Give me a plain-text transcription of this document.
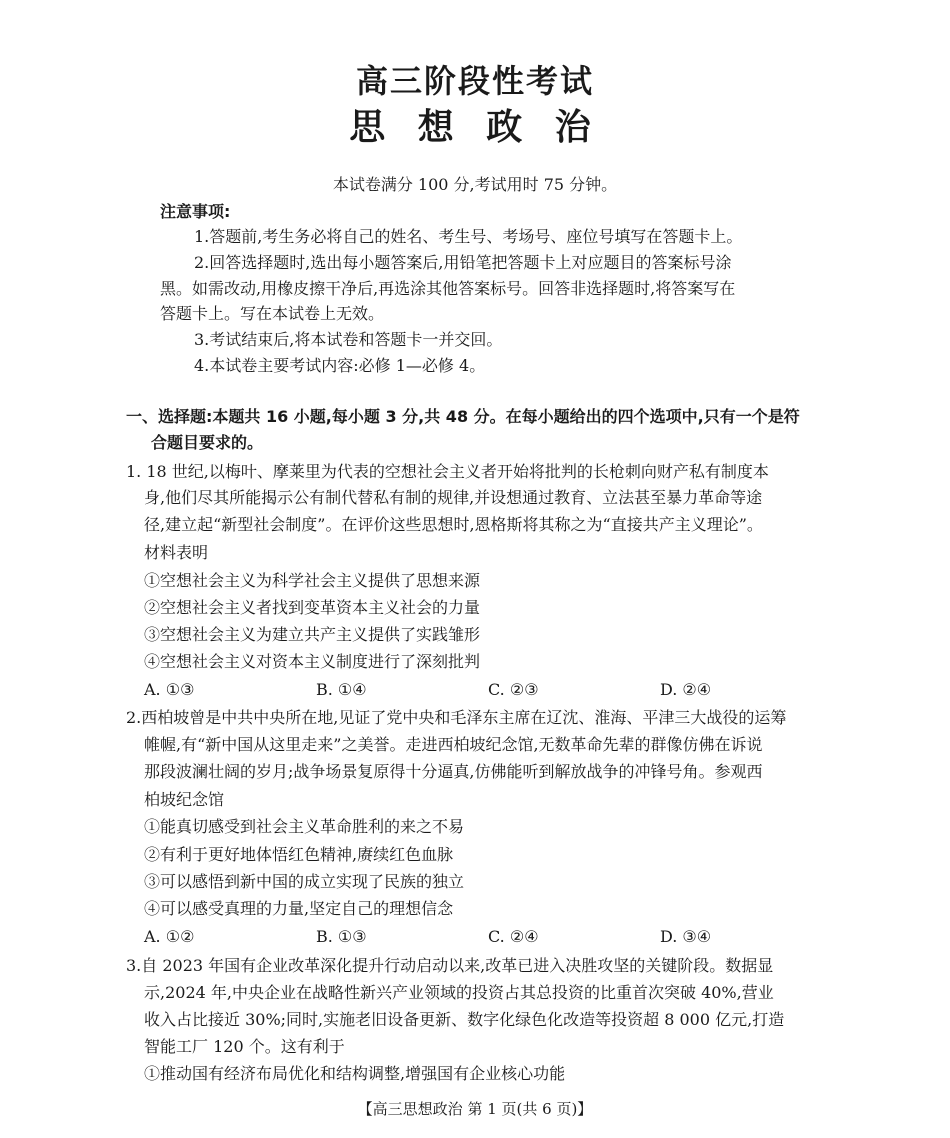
高三阶段性考试
思 想 政 治
本试卷满分 100 分,考试用时 75 分钟。
注意事项:
1.答题前,考生务必将自己的姓名、考生号、考场号、座位号填写在答题卡上。
2.回答选择题时,选出每小题答案后,用铅笔把答题卡上对应题目的答案标号涂
黑。如需改动,用橡皮擦干净后,再选涂其他答案标号。回答非选择题时,将答案写在
答题卡上。写在本试卷上无效。
3.考试结束后,将本试卷和答题卡一并交回。
4.本试卷主要考试内容:必修 1—必修 4。
一、选择题:本题共 16 小题,每小题 3 分,共 48 分。在每小题给出的四个选项中,只有一个是符
合题目要求的。
1. 18 世纪,以梅叶、摩莱里为代表的空想社会主义者开始将批判的长枪刺向财产私有制度本
身,他们尽其所能揭示公有制代替私有制的规律,并设想通过教育、立法甚至暴力革命等途
径,建立起“新型社会制度”。在评价这些思想时,恩格斯将其称之为“直接共产主义理论”。
材料表明
①空想社会主义为科学社会主义提供了思想来源
②空想社会主义者找到变革资本主义社会的力量
③空想社会主义为建立共产主义提供了实践雏形
④空想社会主义对资本主义制度进行了深刻批判
A. ①③	B. ①④	C. ②③	D. ②④
2.西柏坡曾是中共中央所在地,见证了党中央和毛泽东主席在辽沈、淮海、平津三大战役的运筹
帷幄,有“新中国从这里走来”之美誉。走进西柏坡纪念馆,无数革命先辈的群像仿佛在诉说
那段波澜壮阔的岁月;战争场景复原得十分逼真,仿佛能听到解放战争的冲锋号角。参观西
柏坡纪念馆
①能真切感受到社会主义革命胜利的来之不易
②有利于更好地体悟红色精神,赓续红色血脉
③可以感悟到新中国的成立实现了民族的独立
④可以感受真理的力量,坚定自己的理想信念
A. ①②	B. ①③	C. ②④	D. ③④
3.自 2023 年国有企业改革深化提升行动启动以来,改革已进入决胜攻坚的关键阶段。数据显
示,2024 年,中央企业在战略性新兴产业领域的投资占其总投资的比重首次突破 40%,营业
收入占比接近 30%;同时,实施老旧设备更新、数字化绿色化改造等投资超 8 000 亿元,打造
智能工厂 120 个。这有利于
①推动国有经济布局优化和结构调整,增强国有企业核心功能
【高三思想政治 第 1 页(共 6 页)】
